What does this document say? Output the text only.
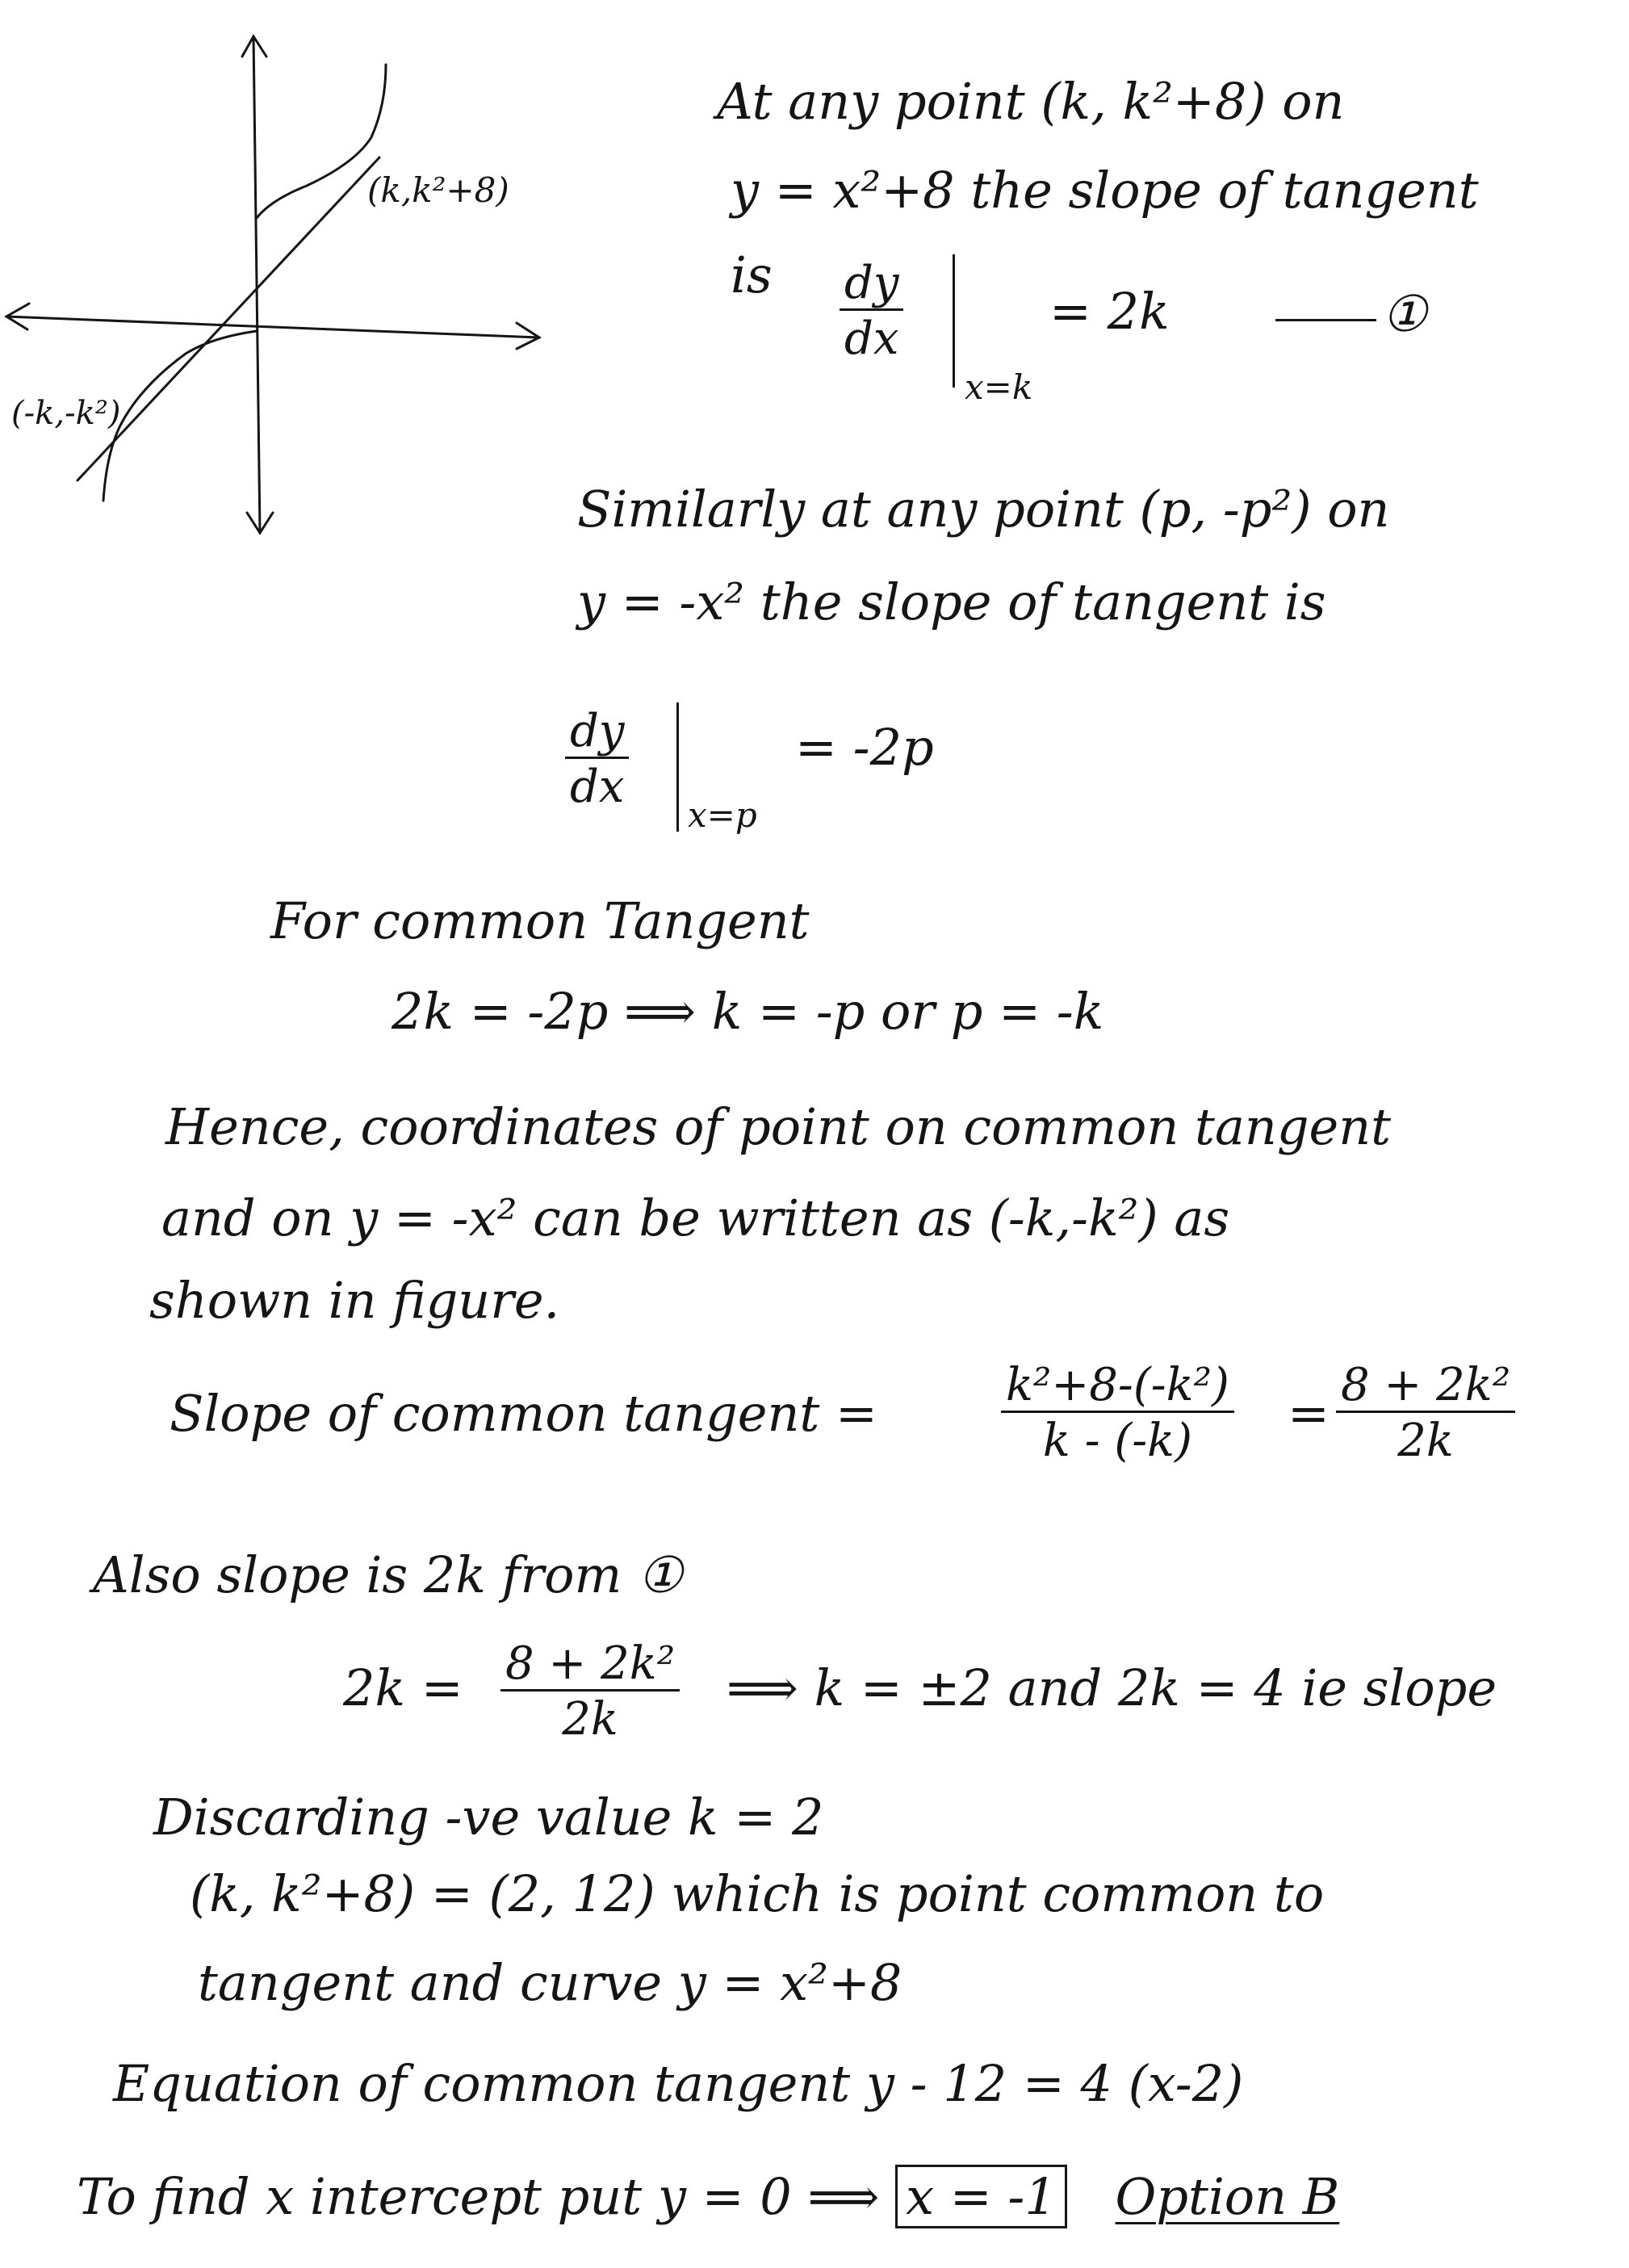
(k,k²+8)
(-k,-k²)
At any point (k, k²+8) on
y = x²+8 the slope of tangent
is $\frac{dy}{dx}$
x=k
= 2k	①
Similarly at any point (p, -p²) on
y = -x² the slope of tangent is
$\frac{dy}{dx}$
x=p
= -2p
For common Tangent
2k = -2p ⟹ k = -p or p = -k
Hence, coordinates of point on common tangent
and on y = -x² can be written as (-k,-k²) as
shown in figure.
Slope of common tangent =	$\frac{\text{k²+8-(-k²)}}{k - (-k)} = \frac{\text{8 + 2k²}}{2k}$
Also slope is 2k from ①
$2k = \frac{\text{8 + 2k²}}{2k}$ ⟹ k = ±2 and 2k = 4 ie slope
Discarding -ve value k = 2
(k, k²+8) = (2, 12) which is point common to
tangent and curve y = x²+8
Equation of common tangent y - 12 = 4 (x-2)
To find x intercept put y = 0 ⟹ x = -1 Option B
